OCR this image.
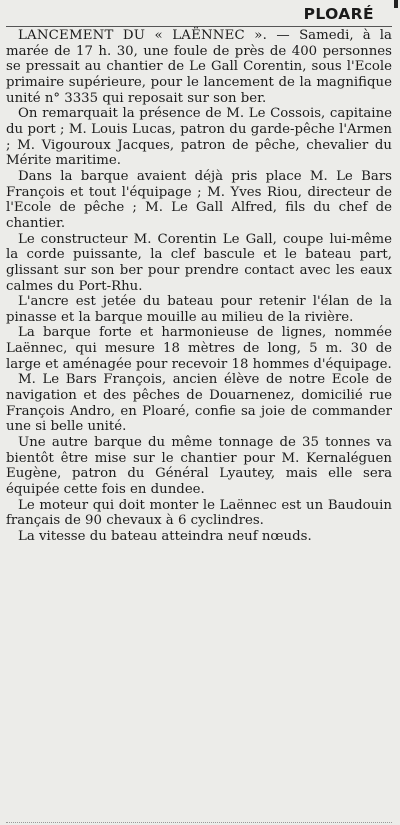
PLOARÉ

LANCEMENT DU « LAËNNEC ». — Samedi, à la marée de 17 h. 30, une foule de près de 400 personnes se pressait au chantier de Le Gall Corentin, sous l'Ecole primaire supérieure, pour le lancement de la magnifique unité n° 3335 qui reposait sur son ber.

On remarquait la présence de M. Le Cossois, capitaine du port ; M. Louis Lucas, patron du garde-pêche l'Armen ; M. Vigouroux Jacques, patron de pêche, chevalier du Mérite maritime.

Dans la barque avaient déjà pris place M. Le Bars François et tout l'équipage ; M. Yves Riou, directeur de l'Ecole de pêche ; M. Le Gall Alfred, fils du chef de chantier.

Le constructeur M. Corentin Le Gall, coupe lui-même la corde puissante, la clef bascule et le bateau part, glissant sur son ber pour prendre contact avec les eaux calmes du Port-Rhu.

L'ancre est jetée du bateau pour retenir l'élan de la pinasse et la barque mouille au milieu de la rivière.

La barque forte et harmonieuse de lignes, nommée Laënnec, qui mesure 18 mètres de long, 5 m. 30 de large et aménagée pour recevoir 18 hommes d'équipage.

M. Le Bars François, ancien élève de notre Ecole de navigation et des pêches de Douarnenez, domicilié rue François Andro, en Ploaré, confie sa joie de commander une si belle unité.

Une autre barque du même tonnage de 35 tonnes va bientôt être mise sur le chantier pour M. Kernaléguen Eugène, patron du Général Lyautey, mais elle sera équipée cette fois en dundee.

Le moteur qui doit monter le Laënnec est un Baudouin français de 90 chevaux à 6 cyclindres.

La vitesse du bateau atteindra neuf nœuds.
